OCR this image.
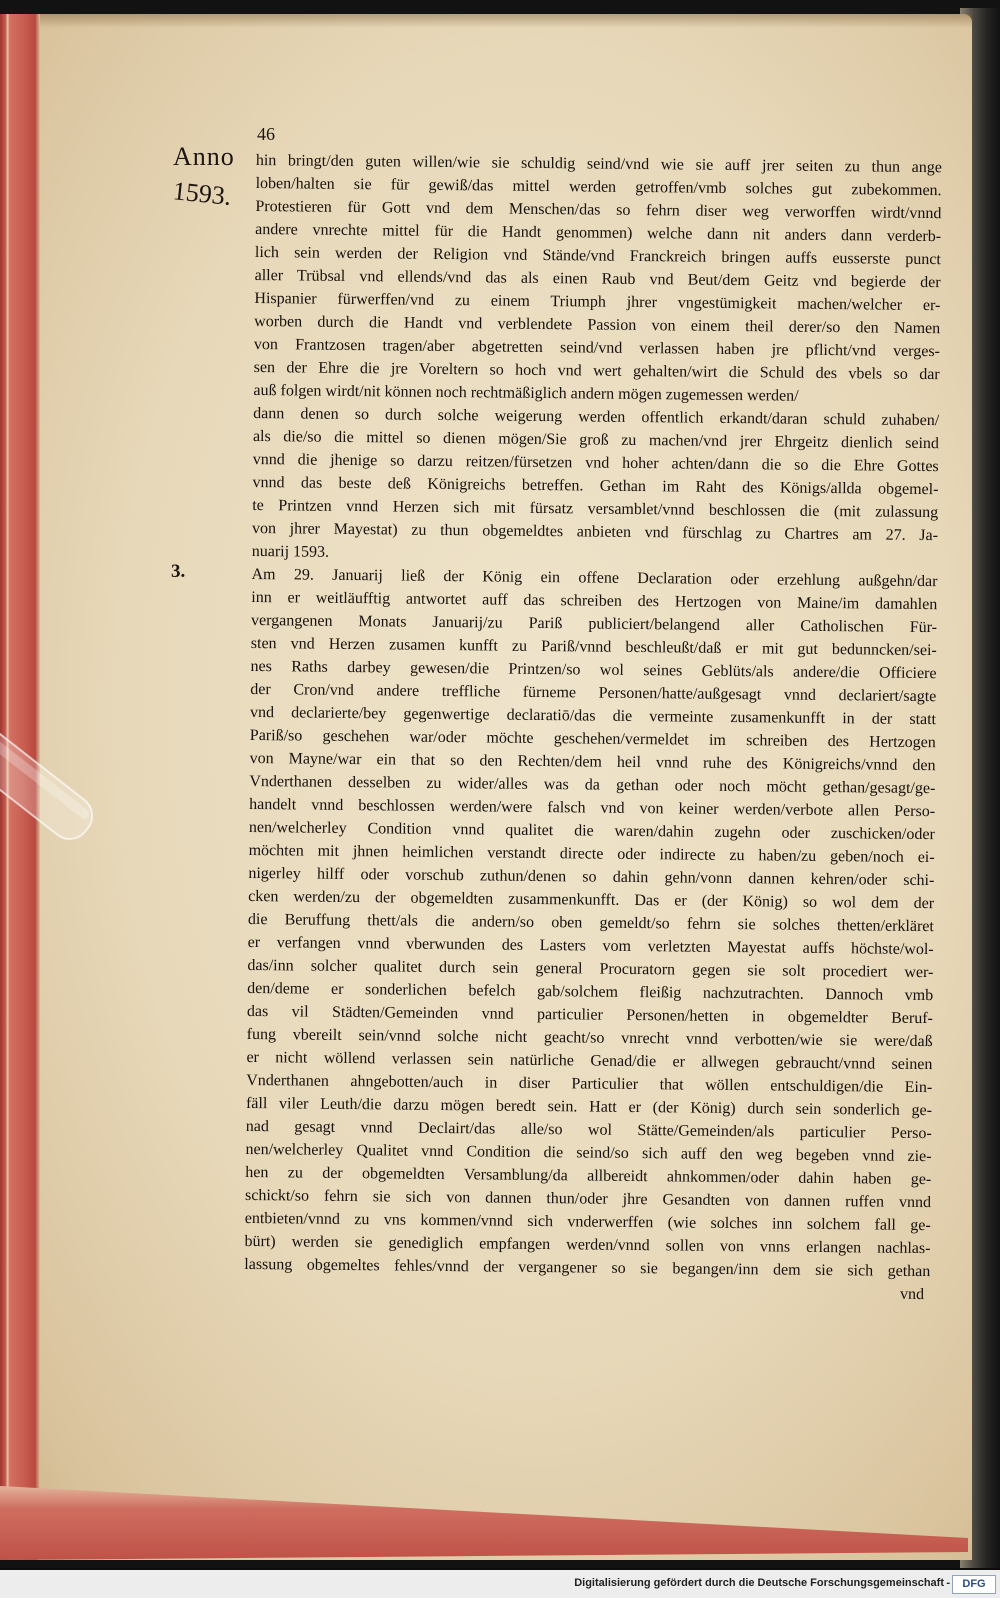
46
Anno
1593.
3.
hin bringt/den guten willen/wie sie schuldig seind/vnd wie sie auff jrer seiten zu thun ange
loben/halten sie für gewiß/das mittel werden getroffen/vmb solches gut zubekommen.
Protestieren für Gott vnd dem Menschen/das so fehrn diser weg verworffen wirdt/vnnd
andere vnrechte mittel für die Handt genommen) welche dann nit anders dann verderb-
lich sein werden der Religion vnd Stände/vnd Franckreich bringen auffs eusserste punct
aller Trübsal vnd ellends/vnd das als einen Raub vnd Beut/dem Geitz vnd begierde der
Hispanier fürwerffen/vnd zu einem Triumph jhrer vngestümigkeit machen/welcher er-
worben durch die Handt vnd verblendete Passion von einem theil derer/so den Namen
von Frantzosen tragen/aber abgetretten seind/vnd verlassen haben jre pflicht/vnd verges-
sen der Ehre die jre Voreltern so hoch vnd wert gehalten/wirt die Schuld des vbels so dar
auß folgen wirdt/nit können noch rechtmäßiglich andern mögen zugemessen werden/
dann denen so durch solche weigerung werden offentlich erkandt/daran schuld zuhaben/
als die/so die mittel so dienen mögen/Sie groß zu machen/vnd jrer Ehrgeitz dienlich seind
vnnd die jhenige so darzu reitzen/fürsetzen vnd hoher achten/dann die so die Ehre Gottes
vnnd das beste deß Königreichs betreffen. Gethan im Raht des Königs/allda obgemel-
te Printzen vnnd Herzen sich mit fürsatz versamblet/vnnd beschlossen die (mit zulassung
von jhrer Mayestat) zu thun obgemeldtes anbieten vnd fürschlag zu Chartres am 27. Ja-
nuarij 1593.
Am 29. Januarij ließ der König ein offene Declaration oder erzehlung außgehn/dar
inn er weitläufftig antwortet auff das schreiben des Hertzogen von Maine/im damahlen
vergangenen Monats Januarij/zu Pariß publiciert/belangend aller Catholischen Für-
sten vnd Herzen zusamen kunfft zu Pariß/vnnd beschleußt/daß er mit gut bedunncken/sei-
nes Raths darbey gewesen/die Printzen/so wol seines Geblüts/als andere/die Officiere
der Cron/vnd andere treffliche fürneme Personen/hatte/außgesagt vnnd declariert/sagte
vnd declarierte/bey gegenwertige declaratiō/das die vermeinte zusamenkunfft in der statt
Pariß/so geschehen war/oder möchte geschehen/vermeldet im schreiben des Hertzogen
von Mayne/war ein that so den Rechten/dem heil vnnd ruhe des Königreichs/vnnd den
Vnderthanen desselben zu wider/alles was da gethan oder noch möcht gethan/gesagt/ge-
handelt vnnd beschlossen werden/were falsch vnd von keiner werden/verbote allen Perso-
nen/welcherley Condition vnnd qualitet die waren/dahin zugehn oder zuschicken/oder
möchten mit jhnen heimlichen verstandt directe oder indirecte zu haben/zu geben/noch ei-
nigerley hilff oder vorschub zuthun/denen so dahin gehn/vonn dannen kehren/oder schi-
cken werden/zu der obgemeldten zusammenkunfft. Das er (der König) so wol dem der
die Beruffung thett/als die andern/so oben gemeldt/so fehrn sie solches thetten/erkläret
er verfangen vnnd vberwunden des Lasters vom verletzten Mayestat auffs höchste/wol-
das/inn solcher qualitet durch sein general Procuratorn gegen sie solt procediert wer-
den/deme er sonderlichen befelch gab/solchem fleißig nachzutrachten. Dannoch vmb
das vil Städten/Gemeinden vnnd particulier Personen/hetten in obgemeldter Beruf-
fung vbereilt sein/vnnd solche nicht geacht/so vnrecht vnnd verbotten/wie sie were/daß
er nicht wöllend verlassen sein natürliche Genad/die er allwegen gebraucht/vnnd seinen
Vnderthanen ahngebotten/auch in diser Particulier that wöllen entschuldigen/die Ein-
fäll viler Leuth/die darzu mögen beredt sein. Hatt er (der König) durch sein sonderlich ge-
nad gesagt vnnd Declairt/das alle/so wol Stätte/Gemeinden/als particulier Perso-
nen/welcherley Qualitet vnnd Condition die seind/so sich auff den weg begeben vnnd zie-
hen zu der obgemeldten Versamblung/da allbereidt ahnkommen/oder dahin haben ge-
schickt/so fehrn sie sich von dannen thun/oder jhre Gesandten von dannen ruffen vnnd
entbieten/vnnd zu vns kommen/vnnd sich vnderwerffen (wie solches inn solchem fall ge-
bürt) werden sie genediglich empfangen werden/vnnd sollen von vnns erlangen nachlas-
lassung obgemeltes fehles/vnnd der vergangener so sie begangen/inn dem sie sich gethan
vnd
Digitalisierung gefördert durch die Deutsche Forschungsgemeinschaft -	DFG
